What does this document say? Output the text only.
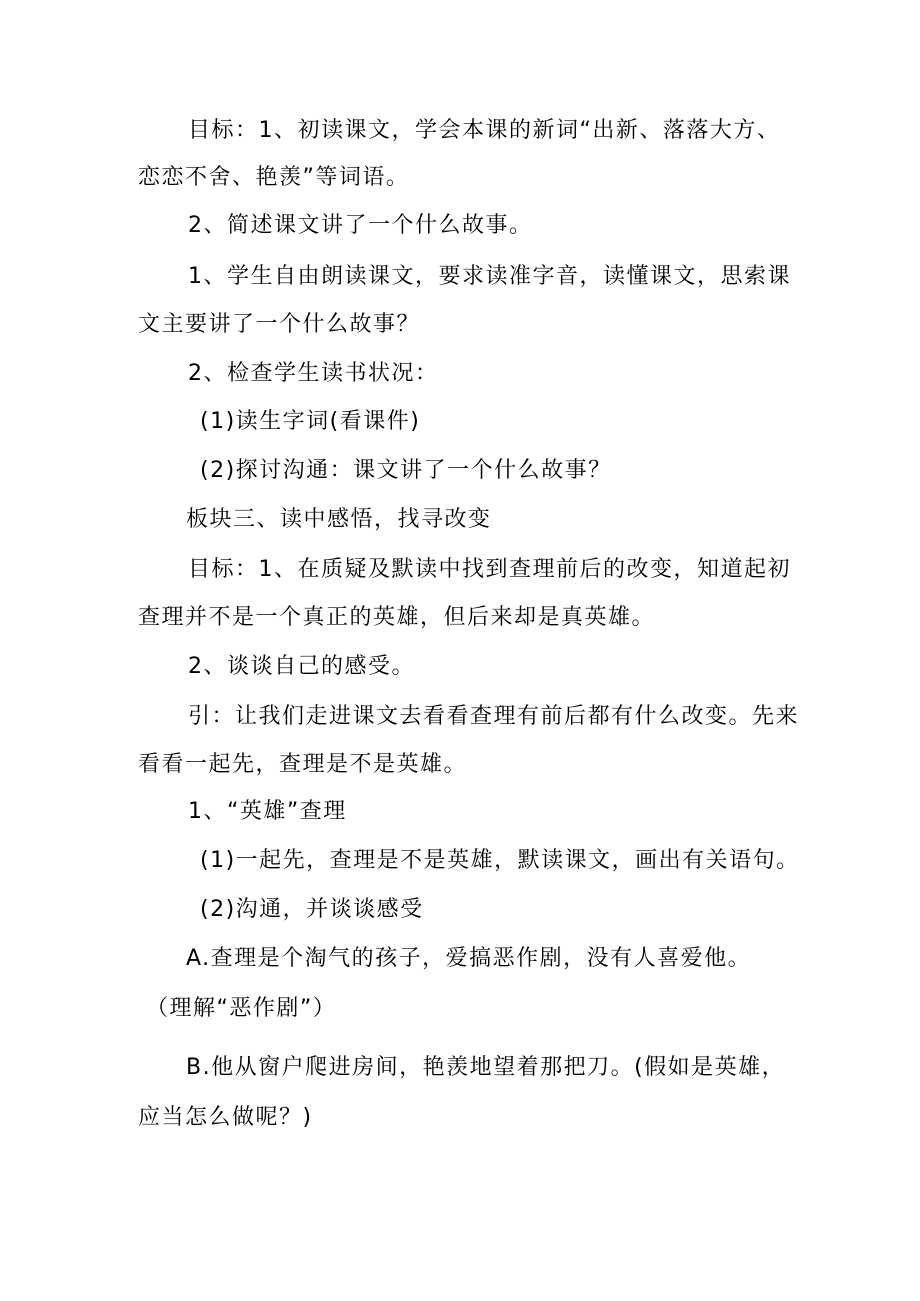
目标：1、初读课文，学会本课的新词“出新、落落大方、
恋恋不舍、艳羡”等词语。
2、简述课文讲了一个什么故事。
1、学生自由朗读课文，要求读准字音，读懂课文，思索课
文主要讲了一个什么故事？
2、检查学生读书状况：
(1)读生字词(看课件)
(2)探讨沟通：课文讲了一个什么故事？
板块三、读中感悟，找寻改变
目标：1、在质疑及默读中找到查理前后的改变，知道起初
查理并不是一个真正的英雄，但后来却是真英雄。
2、谈谈自己的感受。
引：让我们走进课文去看看查理有前后都有什么改变。先来
看看一起先，查理是不是英雄。
1、“英雄”查理
(1)一起先，查理是不是英雄，默读课文，画出有关语句。
(2)沟通，并谈谈感受
A.查理是个淘气的孩子，爱搞恶作剧，没有人喜爱他。
（理解“恶作剧”）
B.他从窗户爬进房间，艳羡地望着那把刀。(假如是英雄，
应当怎么做呢？)
